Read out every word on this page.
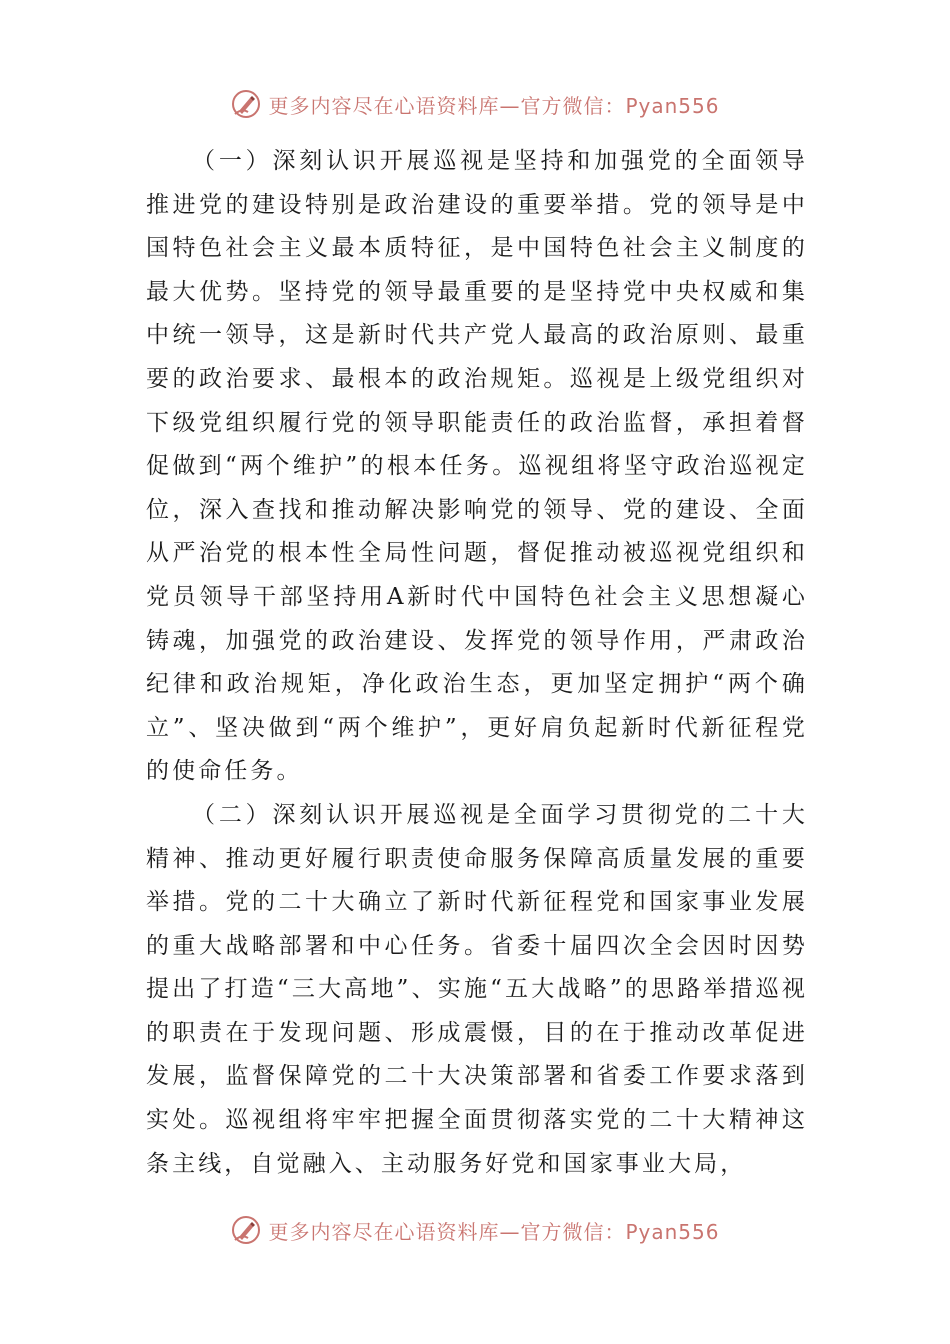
更多内容尽在心语资料库—官方微信：Pyan556

（一）深刻认识开展巡视是坚持和加强党的全面领导推进党的建设特别是政治建设的重要举措。党的领导是中国特色社会主义最本质特征，是中国特色社会主义制度的最大优势。坚持党的领导最重要的是坚持党中央权威和集中统一领导，这是新时代共产党人最高的政治原则、最重要的政治要求、最根本的政治规矩。巡视是上级党组织对下级党组织履行党的领导职能责任的政治监督，承担着督促做到“两个维护”的根本任务。巡视组将坚守政治巡视定位，深入查找和推动解决影响党的领导、党的建设、全面从严治党的根本性全局性问题，督促推动被巡视党组织和党员领导干部坚持用A新时代中国特色社会主义思想凝心铸魂，加强党的政治建设、发挥党的领导作用，严肃政治纪律和政治规矩，净化政治生态，更加坚定拥护“两个确立”、坚决做到“两个维护”，更好肩负起新时代新征程党的使命任务。

（二）深刻认识开展巡视是全面学习贯彻党的二十大精神、推动更好履行职责使命服务保障高质量发展的重要举措。党的二十大确立了新时代新征程党和国家事业发展的重大战略部署和中心任务。省委十届四次全会因时因势提出了打造“三大高地”、实施“五大战略”的思路举措巡视的职责在于发现问题、形成震慑，目的在于推动改革促进发展，监督保障党的二十大决策部署和省委工作要求落到实处。巡视组将牢牢把握全面贯彻落实党的二十大精神这条主线，自觉融入、主动服务好党和国家事业大局，

更多内容尽在心语资料库—官方微信：Pyan556
